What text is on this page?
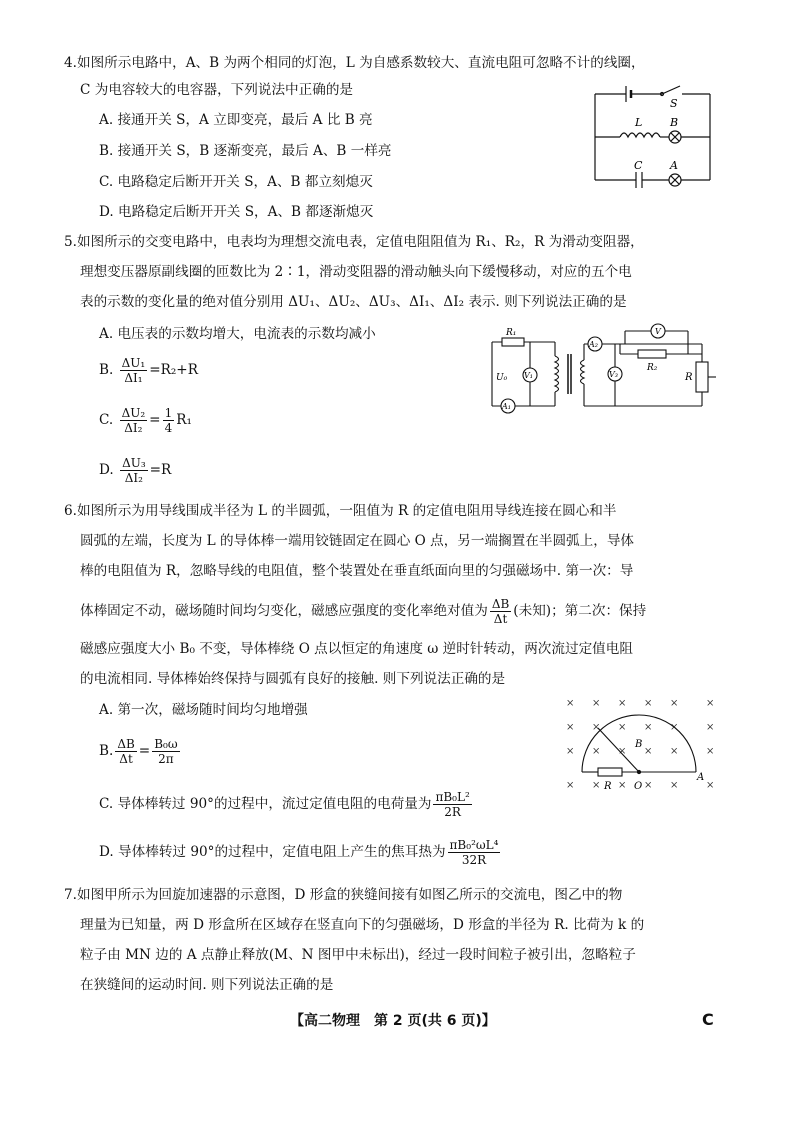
4.如图所示电路中，A、B 为两个相同的灯泡，L 为自感系数较大、直流电阻可忽略不计的线圈，
C 为电容较大的电容器，下列说法中正确的是
A. 接通开关 S，A 立即变亮，最后 A 比 B 亮
B. 接通开关 S，B 逐渐变亮，最后 A、B 一样亮
C. 电路稳定后断开开关 S，A、B 都立刻熄灭
D. 电路稳定后断开开关 S，A、B 都逐渐熄灭
S
L	B
C	A
5.如图所示的交变电路中，电表均为理想交流电表，定值电阻阻值为 R₁、R₂，R 为滑动变阻器，
理想变压器原副线圈的匝数比为 2∶1，滑动变阻器的滑动触头向下缓慢移动，对应的五个电
表的示数的变化量的绝对值分别用 ΔU₁、ΔU₂、ΔU₃、ΔI₁、ΔI₂ 表示. 则下列说法正确的是
A. 电压表的示数均增大，电流表的示数均减小
B. $\frac{\text{ΔU₁}}{\text{ΔI₁}} =R_2+R$
C. $\frac{\text{ΔU₂}}{\text{ΔI₂}} = \frac{1}{4} R_1$
D. $\frac{\text{ΔU₃}}{\text{ΔI₂}} =R$
R₁
U₀ V₁
A₁
A₂
V
V₃
R₂
R
6.如图所示为用导线围成半径为 L 的半圆弧，一阻值为 R 的定值电阻用导线连接在圆心和半
圆弧的左端，长度为 L 的导体棒一端用铰链固定在圆心 O 点，另一端搁置在半圆弧上，导体
棒的电阻值为 R，忽略导线的电阻值，整个装置处在垂直纸面向里的匀强磁场中. 第一次：导
体棒固定不动，磁场随时间均匀变化，磁感应强度的变化率绝对值为 $\frac{\Delta B}{\Delta t}$ (未知)；第二次：保持
磁感应强度大小 B₀ 不变，导体棒绕 O 点以恒定的角速度 ω 逆时针转动，两次流过定值电阻
的电流相同. 导体棒始终保持与圆弧有良好的接触. 则下列说法正确的是
A. 第一次，磁场随时间均匀地增强
B. $\frac{\Delta B}{\Delta t} = \frac{\text{B₀ω}}{2\pi}$
C. 导体棒转过 90°的过程中，流过定值电阻的电荷量为 $\frac{\text{πB₀L²}}{2R}$
D. 导体棒转过 90°的过程中，定值电阻上产生的焦耳热为 $\frac{\text{πB₀²ωL⁴}}{32R}$
× × × × ×	×
× × × × ×	×
× × × × ×	×
× × × × ×	×
B
R O
A
7.如图甲所示为回旋加速器的示意图，D 形盒的狭缝间接有如图乙所示的交流电，图乙中的物
理量为已知量，两 D 形盒所在区域存在竖直向下的匀强磁场，D 形盒的半径为 R. 比荷为 k 的
粒子由 MN 边的 A 点静止释放(M、N 图甲中未标出)，经过一段时间粒子被引出，忽略粒子
在狭缝间的运动时间. 则下列说法正确的是
【高二物理　第 2 页(共 6 页)】	C
